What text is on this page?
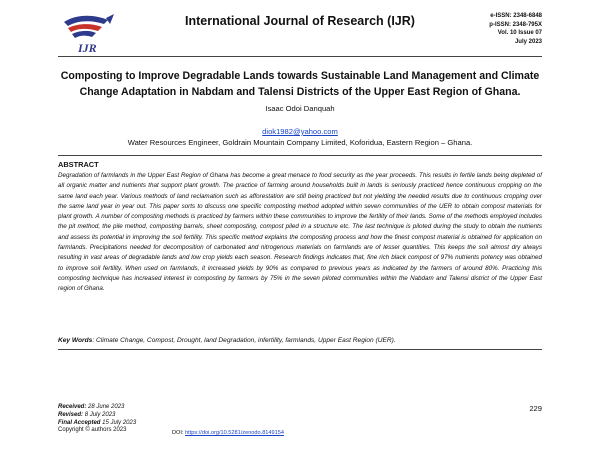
IJR
International Journal of Research (IJR)	e-ISSN: 2348-6848
p-ISSN: 2348-795X
Vol. 10 Issue 07
July 2023
Composting to Improve Degradable Lands towards Sustainable Land Management and Climate
Change Adaptation in Nabdam and Talensi Districts of the Upper East Region of Ghana.
Isaac Odoi Danquah
diok1982@yahoo.com
Water Resources Engineer, Goldrain Mountain Company Limited, Koforidua, Eastern Region – Ghana.
ABSTRACT

Degradation of farmlands in the Upper East Region of Ghana has become a great menace to food security as the year proceeds. This results in fertile lands being depleted of all organic matter and nutrients that support plant growth. The practice of farming around households built in lands is seriously practiced hence continuous cropping on the same land each year. Various methods of land reclamation such as afforestation are still being practiced but not yielding the needed results due to continuous cropping over the same land year in year out. This paper sorts to discuss one specific composting method adopted within seven communities of the UER to obtain compost materials for plant growth. A number of composting methods is practiced by farmers within these communities to improve the fertility of their lands. Some of the methods employed includes the pit method, the pile method, composting barrels, sheet composting, compost piled in a structure etc. The last technique is piloted during the study to obtain the nutrients and assess its potential in improving the soil fertility. This specific method explains the composting process and how the finest compost material is obtained for application on farmlands. Precipitations needed for decomposition of carbonated and nitrogenous materials on farmlands are of lesser quantities. This keeps the soil almost dry always resulting in vast areas of degradable lands and low crop yields each season. Research findings indicates that, fine rich black compost of 97% nutrients potency was obtained to improve soil fertility. When used on farmlands, it increased yields by 90% as compared to previous years as indicated by the farmers of around 80%. Practicing this composting technique has increased interest in composting by farmers by 75% in the seven piloted communities within the Nabdam and Talensi district of the Upper East region of Ghana.

Key Words: Climate Change, Compost, Drought, land Degradation, infertility, farmlands, Upper East Region (UER).
Received: 28 June 2023
Revised: 8 July 2023
Final Accepted 15 July 2023
Copyright © authors 2023
229
DOI: https://doi.org/10.5281/zenodo.8149154
